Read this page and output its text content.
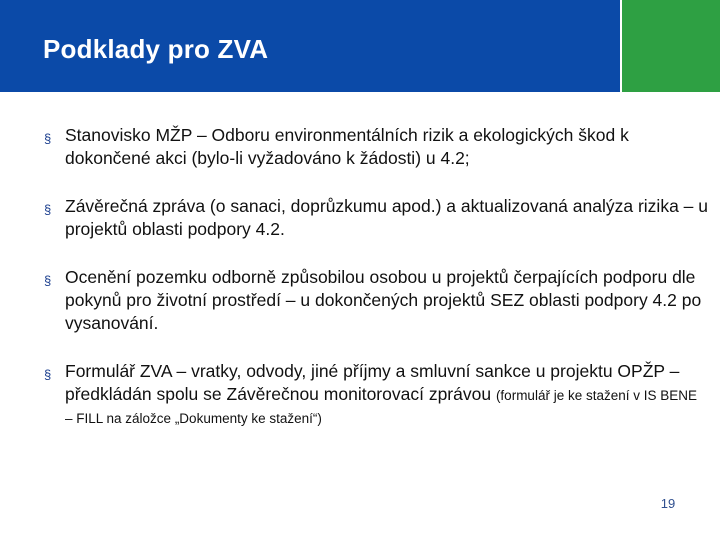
Podklady pro ZVA
§ Stanovisko MŽP – Odboru environmentálních rizik a ekologických škod k dokončené akci (bylo-li vyžadováno k žádosti) u 4.2;
§ Závěrečná zpráva (o sanaci, doprůzkumu apod.) a aktualizovaná analýza rizika – u projektů oblasti podpory 4.2.
§ Ocenění pozemku odborně způsobilou osobou u projektů čerpajících podporu dle pokynů pro životní prostředí – u dokončených projektů SEZ oblasti podpory 4.2 po vysanování.
§ Formulář ZVA – vratky, odvody, jiné příjmy a smluvní sankce u projektu OPŽP – předkládán spolu se Závěrečnou monitorovací zprávou (formulář je ke stažení v IS BENE – FILL na záložce „Dokumenty ke stažení“)
19
